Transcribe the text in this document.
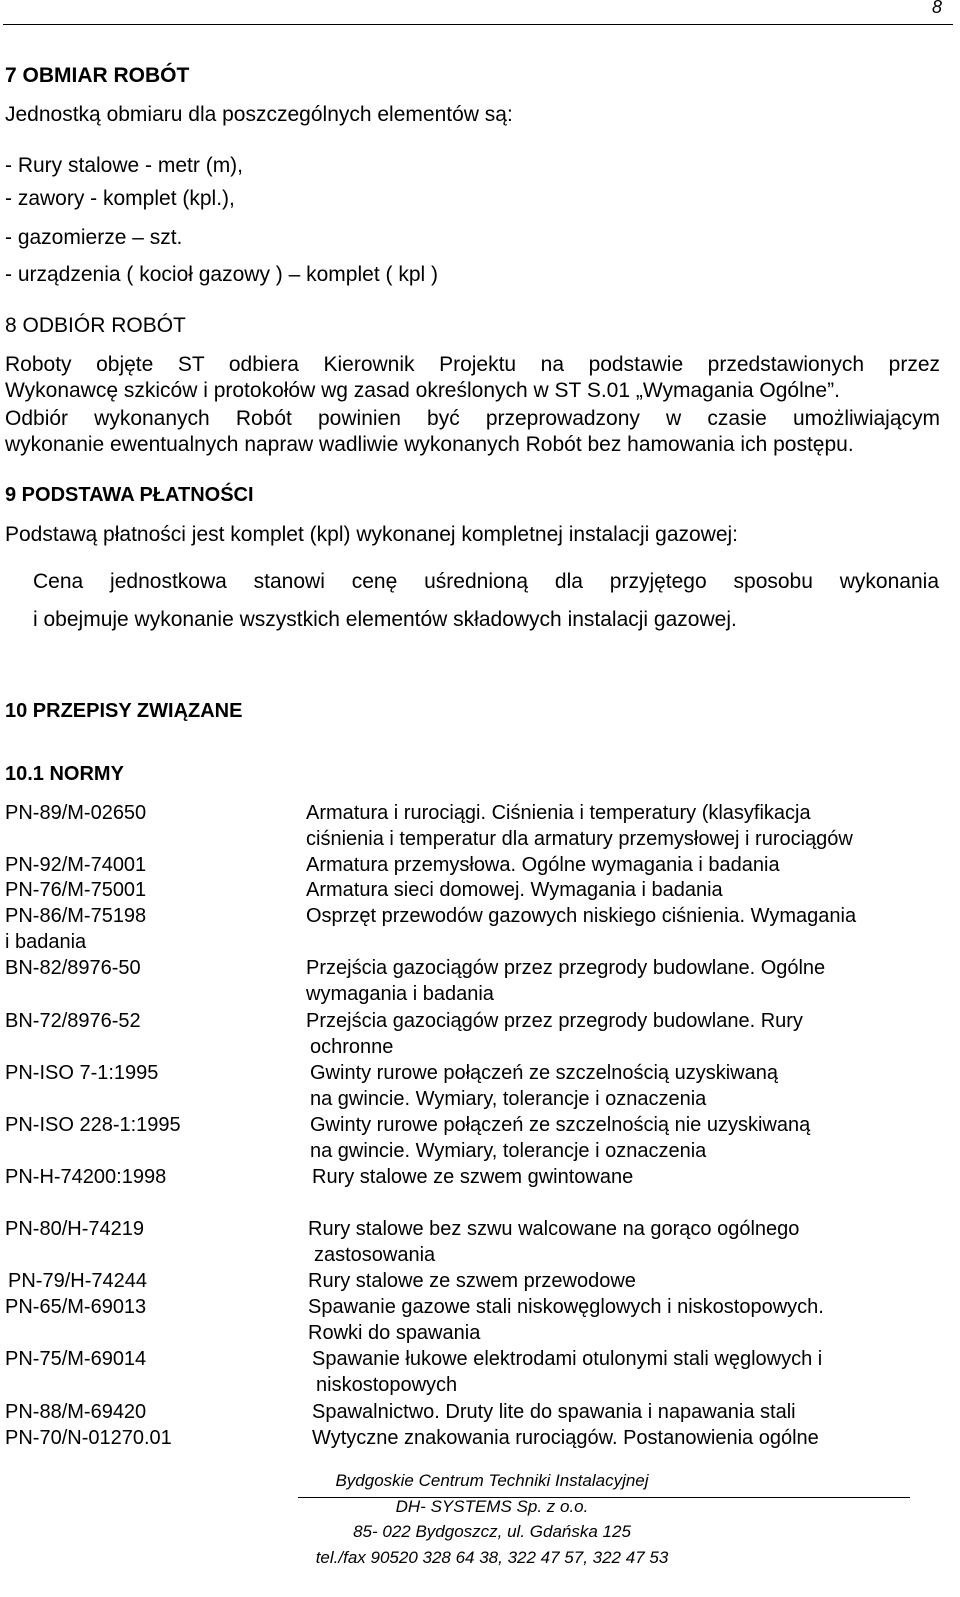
8
7 OBMIAR ROBÓT
Jednostką obmiaru dla poszczególnych elementów są:
- Rury stalowe - metr (m),
- zawory - komplet (kpl.),
- gazomierze – szt.
- urządzenia ( kocioł gazowy ) – komplet ( kpl )
8 ODBIÓR ROBÓT
Roboty objęte ST odbiera Kierownik Projektu na podstawie przedstawionych przez
Wykonawcę szkiców i protokołów wg zasad określonych w ST S.01 „Wymagania Ogólne”.
Odbiór wykonanych Robót powinien być przeprowadzony w czasie umożliwiającym
wykonanie ewentualnych napraw wadliwie wykonanych Robót bez hamowania ich postępu.
9 PODSTAWA PŁATNOŚCI
Podstawą płatności jest komplet (kpl) wykonanej kompletnej instalacji gazowej:
Cena jednostkowa stanowi cenę uśrednioną dla przyjętego sposobu wykonania
i obejmuje wykonanie wszystkich elementów składowych instalacji gazowej.
10 PRZEPISY ZWIĄZANE
10.1 NORMY
PN-89/M-02650	Armatura i rurociągi. Ciśnienia i temperatury (klasyfikacja
ciśnienia i temperatur dla armatury przemysłowej i rurociągów
PN-92/M-74001	Armatura przemysłowa. Ogólne wymagania i badania
PN-76/M-75001	Armatura sieci domowej. Wymagania i badania
PN-86/M-75198	Osprzęt przewodów gazowych niskiego ciśnienia. Wymagania
i badania
BN-82/8976-50	Przejścia gazociągów przez przegrody budowlane. Ogólne
wymagania i badania
BN-72/8976-52	Przejścia gazociągów przez przegrody budowlane. Rury
ochronne
PN-ISO 7-1:1995	Gwinty rurowe połączeń ze szczelnością uzyskiwaną
na gwincie. Wymiary, tolerancje i oznaczenia
PN-ISO 228-1:1995	Gwinty rurowe połączeń ze szczelnością nie uzyskiwaną
na gwincie. Wymiary, tolerancje i oznaczenia
PN-H-74200:1998	Rury stalowe ze szwem gwintowane
PN-80/H-74219	Rury stalowe bez szwu walcowane na gorąco ogólnego
zastosowania
PN-79/H-74244	Rury stalowe ze szwem przewodowe
PN-65/M-69013	Spawanie gazowe stali niskowęglowych i niskostopowych.
Rowki do spawania
PN-75/M-69014	Spawanie łukowe elektrodami otulonymi stali węglowych i
niskostopowych
PN-88/M-69420	Spawalnictwo. Druty lite do spawania i napawania stali
PN-70/N-01270.01	Wytyczne znakowania rurociągów. Postanowienia ogólne
Bydgoskie Centrum Techniki Instalacyjnej
DH- SYSTEMS Sp. z o.o.
85- 022 Bydgoszcz, ul. Gdańska 125
tel./fax 90520 328 64 38, 322 47 57, 322 47 53
